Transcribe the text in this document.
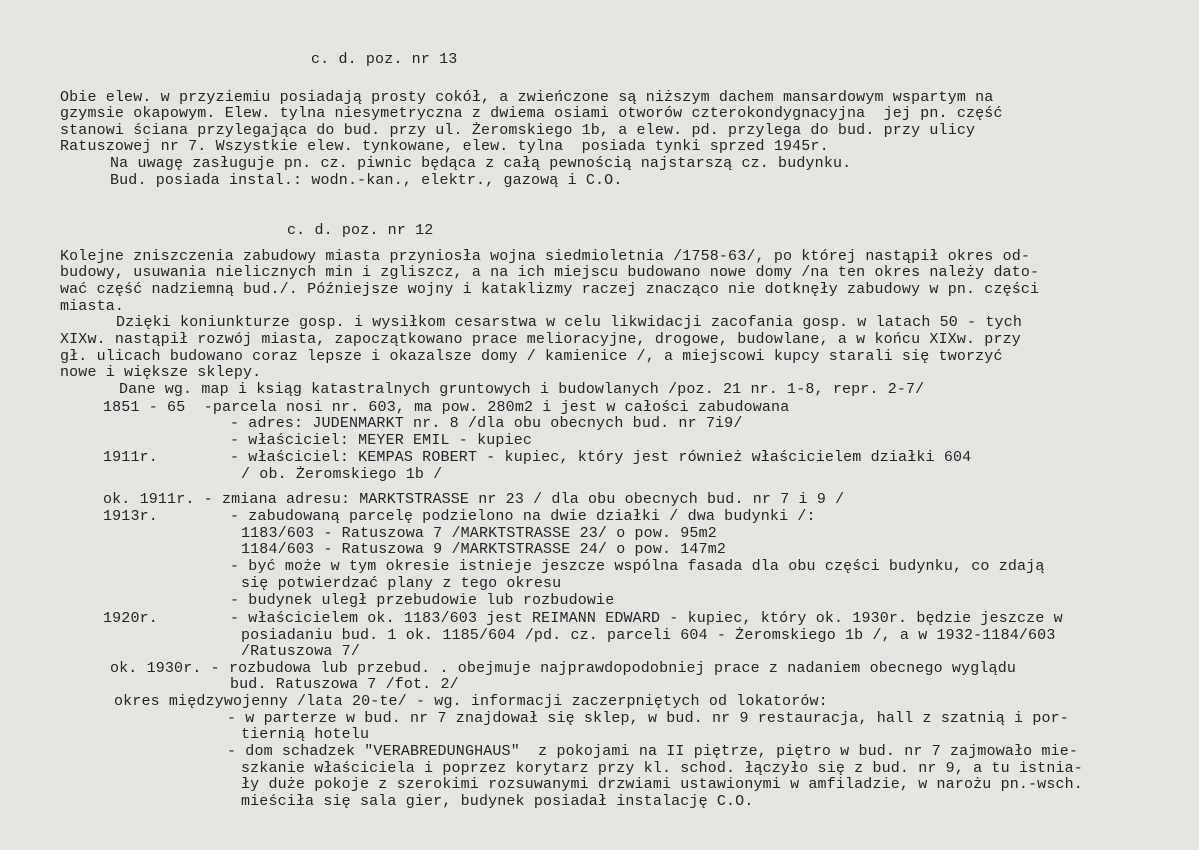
c. d. poz. nr 13
Obie elew. w przyziemiu posiadają prosty cokół, a zwieńczone są niższym dachem mansardowym wspartym na
gzymsie okapowym. Elew. tylna niesymetryczna z dwiema osiami otworów czterokondygnacyjna  jej pn. część
stanowi ściana przylegająca do bud. przy ul. Żeromskiego 1b, a elew. pd. przylega do bud. przy ulicy
Ratuszowej nr 7. Wszystkie elew. tynkowane, elew. tylna  posiada tynki sprzed 1945r.
Na uwagę zasługuje pn. cz. piwnic będąca z całą pewnością najstarszą cz. budynku.
Bud. posiada instal.: wodn.-kan., elektr., gazową i C.O.
c. d. poz. nr 12
Kolejne zniszczenia zabudowy miasta przyniosła wojna siedmioletnia /1758-63/, po której nastąpił okres od-
budowy, usuwania nielicznych min i zgliszcz, a na ich miejscu budowano nowe domy /na ten okres należy dato-
wać część nadziemną bud./. Późniejsze wojny i kataklizmy raczej znacząco nie dotknęły zabudowy w pn. części
miasta.
Dzięki koniunkturze gosp. i wysiłkom cesarstwa w celu likwidacji zacofania gosp. w latach 50 - tych
XIXw. nastąpił rozwój miasta, zapoczątkowano prace melioracyjne, drogowe, budowlane, a w końcu XIXw. przy
gł. ulicach budowano coraz lepsze i okazalsze domy / kamienice /, a miejscowi kupcy starali się tworzyć
nowe i większe sklepy.
Dane wg. map i ksiąg katastralnych gruntowych i budowlanych /poz. 21 nr. 1-8, repr. 2-7/
1851 - 65  -parcela nosi nr. 603, ma pow. 280m2 i jest w całości zabudowana
- adres: JUDENMARKT nr. 8 /dla obu obecnych bud. nr 7i9/
- właściciel: MEYER EMIL - kupiec
1911r.	- właściciel: KEMPAS ROBERT - kupiec, który jest również właścicielem działki 604
/ ob. Żeromskiego 1b /
ok. 1911r. - zmiana adresu: MARKTSTRASSE nr 23 / dla obu obecnych bud. nr 7 i 9 /
1913r.	- zabudowaną parcelę podzielono na dwie działki / dwa budynki /:
1183/603 - Ratuszowa 7 /MARKTSTRASSE 23/ o pow. 95m2
1184/603 - Ratuszowa 9 /MARKTSTRASSE 24/ o pow. 147m2
- być może w tym okresie istnieje jeszcze wspólna fasada dla obu części budynku, co zdają
się potwierdzać plany z tego okresu
- budynek uległ przebudowie lub rozbudowie
1920r.	- właścicielem ok. 1183/603 jest REIMANN EDWARD - kupiec, który ok. 1930r. będzie jeszcze w
posiadaniu bud. 1 ok. 1185/604 /pd. cz. parceli 604 - Żeromskiego 1b /, a w 1932-1184/603
/Ratuszowa 7/
ok. 1930r. - rozbudowa lub przebud. . obejmuje najprawdopodobniej prace z nadaniem obecnego wyglądu
bud. Ratuszowa 7 /fot. 2/
okres międzywojenny /lata 20-te/ - wg. informacji zaczerpniętych od lokatorów:
- w parterze w bud. nr 7 znajdował się sklep, w bud. nr 9 restauracja, hall z szatnią i por-
tiernią hotelu
- dom schadzek "VERABREDUNGHAUS"  z pokojami na II piętrze, piętro w bud. nr 7 zajmowało mie-
szkanie właściciela i poprzez korytarz przy kl. schod. łączyło się z bud. nr 9, a tu istnia-
ły duże pokoje z szerokimi rozsuwanymi drzwiami ustawionymi w amfiladzie, w narożu pn.-wsch.
mieściła się sala gier, budynek posiadał instalację C.O.
